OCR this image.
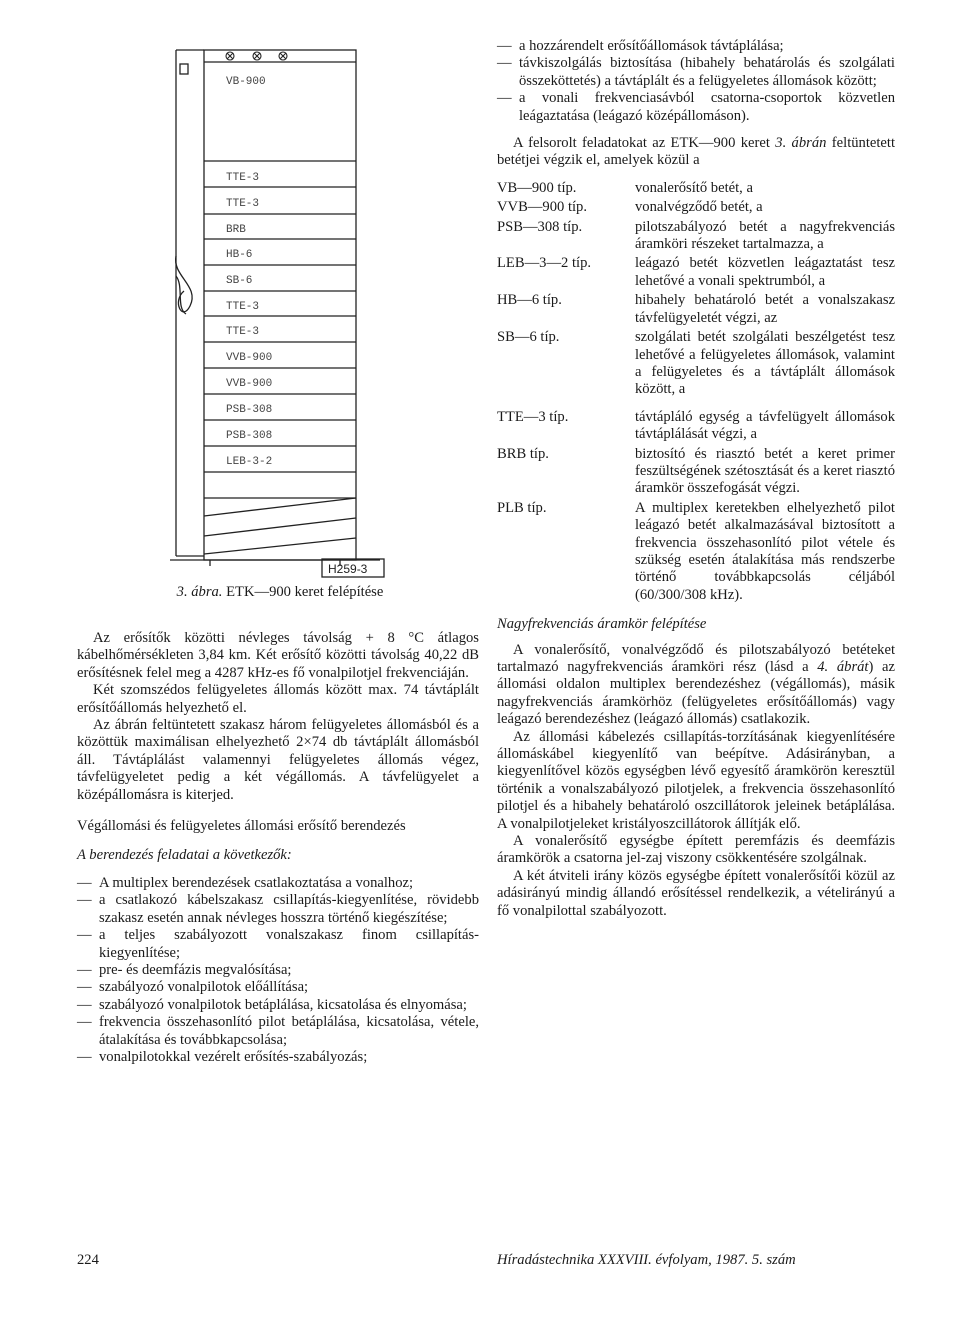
VB-900
TTE-3
TTE-3
BRB
HB-6
SB-6
TTE-3
TTE-3
VVB-900
VVB-900
PSB-308
PSB-308
LEB-3-2
H259-3
3. ábra. ETK—900 keret felépítése

Az erősítők közötti névleges távolság + 8 °C átlagos kábelhőmérsékleten 3,84 km. Két erősítő közötti távolság 40,22 dB erősítésnek felel meg a 4287 kHz-es fő vonalpilotjel frekvenciáján.

Két szomszédos felügyeletes állomás között max. 74 távtáplált erősítőállomás helyezhető el.

Az ábrán feltüntetett szakasz három felügyeletes állomásból és a közöttük maximálisan elhelyezhető 2×74 db távtáplált állomásból áll. Távtáplálást valamennyi felügyeletes állomás végez, távfelügyeletet pedig a két végállomás. A távfelügyelet a középállomásra is kiterjed.

Végállomási és felügyeletes állomási erősítő berendezés

A berendezés feladatai a következők:

— A multiplex berendezések csatlakoztatása a vonalhoz;
— a csatlakozó kábelszakasz csillapítás-kiegyenlítése, rövidebb szakasz esetén annak névleges hosszra történő kiegészítése;
— a teljes szabályozott vonalszakasz finom csillapítás-kiegyenlítése;
— pre- és deemfázis megvalósítása;
— szabályozó vonalpilotok előállítása;
— szabályozó vonalpilotok betáplálása, kicsatolása és elnyomása;
— frekvencia összehasonlító pilot betáplálása, kicsatolása, vétele, átalakítása és továbbkapcsolása;
— vonalpilotokkal vezérelt erősítés-szabályozás;
— a hozzárendelt erősítőállomások távtáplálása;
— távkiszolgálás biztosítása (hibahely behatárolás és szolgálati összeköttetés) a távtáplált és a felügyeletes állomások között;
— a vonali frekvenciasávból csatorna-csoportok közvetlen leágaztatása (leágazó középállomáson).

A felsorolt feladatokat az ETK—900 keret 3. ábrán feltüntetett betétjei végzik el, amelyek közül a

VB—900 típ.	vonalerősítő betét, a
VVB—900 típ.	vonalvégződő betét, a
PSB—308 típ.	pilotszabályozó betét a nagyfrekvenciás áramköri részeket tartalmazza, a
LEB—3—2 típ.	leágazó betét közvetlen leágaztatást tesz lehetővé a vonali spektrumból, a
HB—6 típ.	hibahely behatároló betét a vonalszakasz távfelügyeletét végzi, az
SB—6 típ.	szolgálati betét szolgálati beszélgetést tesz lehetővé a felügyeletes állomások, valamint a felügyeletes és a távtáplált állomások között, a
TTE—3 típ.	távtápláló egység a távfelügyelt állomások távtáplálását végzi, a
BRB típ.	biztosító és riasztó betét a keret primer feszültségének szétosztását és a keret riasztó áramkör összefogását végzi.
PLB típ.	A multiplex keretekben elhelyezhető pilot leágazó betét alkalmazásával biztosított a frekvencia összehasonlító pilot vétele és szükség esetén átalakítása más rendszerbe történő továbbkapcsolás céljából (60/300/308 kHz).

Nagyfrekvenciás áramkör felépítése

A vonalerősítő, vonalvégződő és pilotszabályozó betéteket tartalmazó nagyfrekvenciás áramköri rész (lásd a 4. ábrát) az állomási oldalon multiplex berendezéshez (végállomás), másik nagyfrekvenciás áramkörhöz (felügyeletes erősítőállomás) vagy leágazó berendezéshez (leágazó állomás) csatlakozik.

Az állomási kábelezés csillapítás-torzításának kiegyenlítésére állomáskábel kiegyenlítő van beépítve. Adásirányban, a kiegyenlítővel közös egységben lévő egyesítő áramkörön keresztül történik a vonalszabályozó pilotjelek, a frekvencia összehasonlító pilotjel és a hibahely behatároló oszcillátorok jeleinek betáplálása. A vonalpilotjeleket kristályoszcillátorok állítják elő.

A vonalerősítő egységbe épített peremfázis és deemfázis áramkörök a csatorna jel-zaj viszony csökkentésére szolgálnak.

A két átviteli irány közös egységbe épített vonalerősítői közül az adásirányú mindig állandó erősítéssel rendelkezik, a vételirányú a fő vonalpilottal szabályozott.

224	Híradástechnika XXXVIII. évfolyam, 1987. 5. szám
